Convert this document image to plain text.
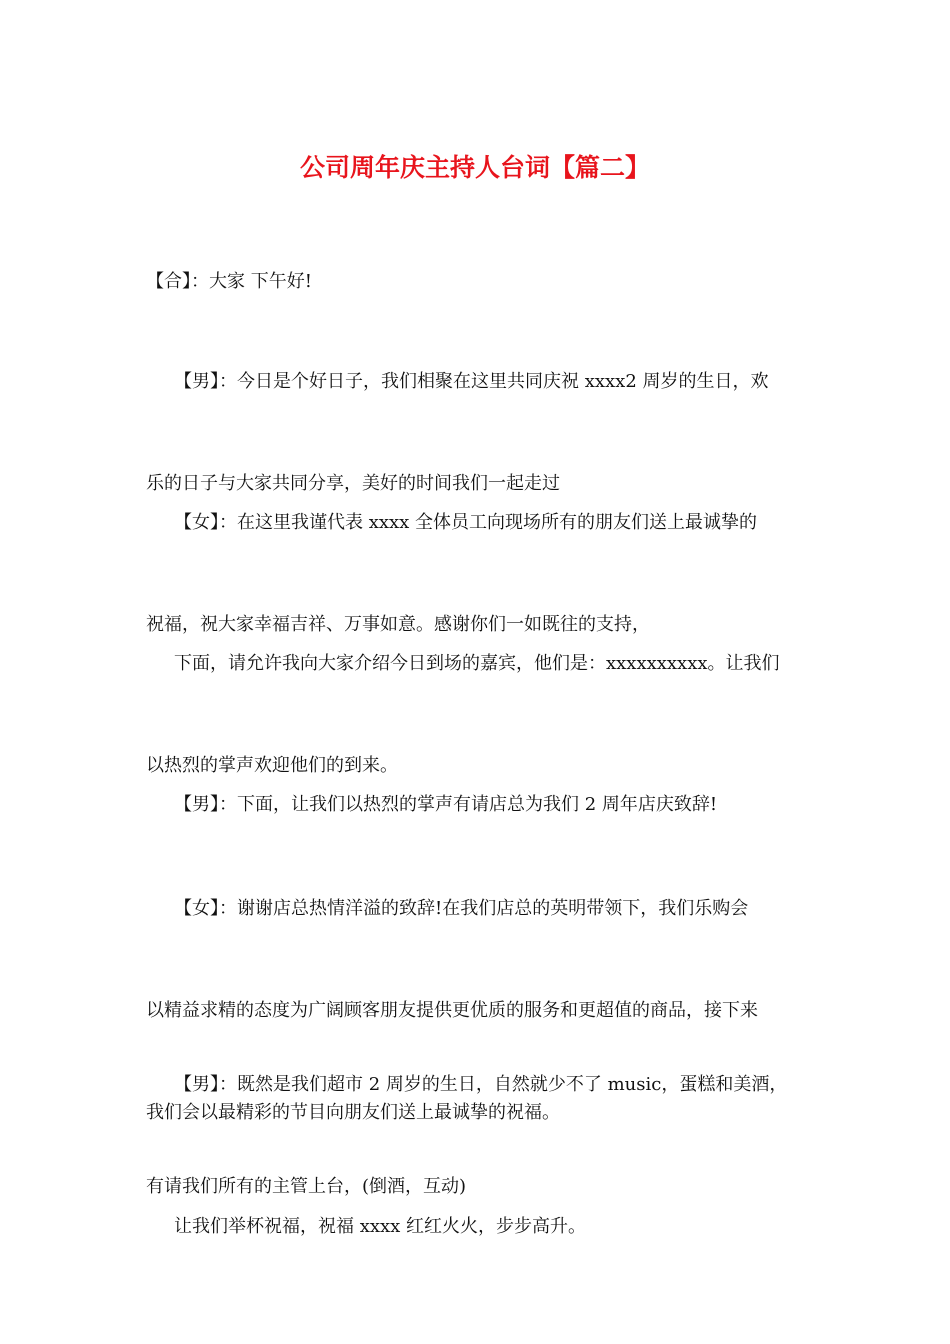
公司周年庆主持人台词【篇二】

【合】：大家 下午好!

【男】：今日是个好日子，我们相聚在这里共同庆祝 xxxx2 周岁的生日，欢

乐的日子与大家共同分享，美好的时间我们一起走过

【女】：在这里我谨代表 xxxx 全体员工向现场所有的朋友们送上最诚挚的

祝福，祝大家幸福吉祥、万事如意。感谢你们一如既往的支持，

下面，请允许我向大家介绍今日到场的嘉宾，他们是：xxxxxxxxxx。让我们

以热烈的掌声欢迎他们的到来。

【男】：下面，让我们以热烈的掌声有请店总为我们 2 周年店庆致辞!

【女】：谢谢店总热情洋溢的致辞!在我们店总的英明带领下，我们乐购会

以精益求精的态度为广阔顾客朋友提供更优质的服务和更超值的商品，接下来

我们会以最精彩的节目向朋友们送上最诚挚的祝福。

【男】：既然是我们超市 2 周岁的生日，自然就少不了 music，蛋糕和美酒，

有请我们所有的主管上台，(倒酒，互动)

让我们举杯祝福，祝福 xxxx 红红火火，步步高升。
